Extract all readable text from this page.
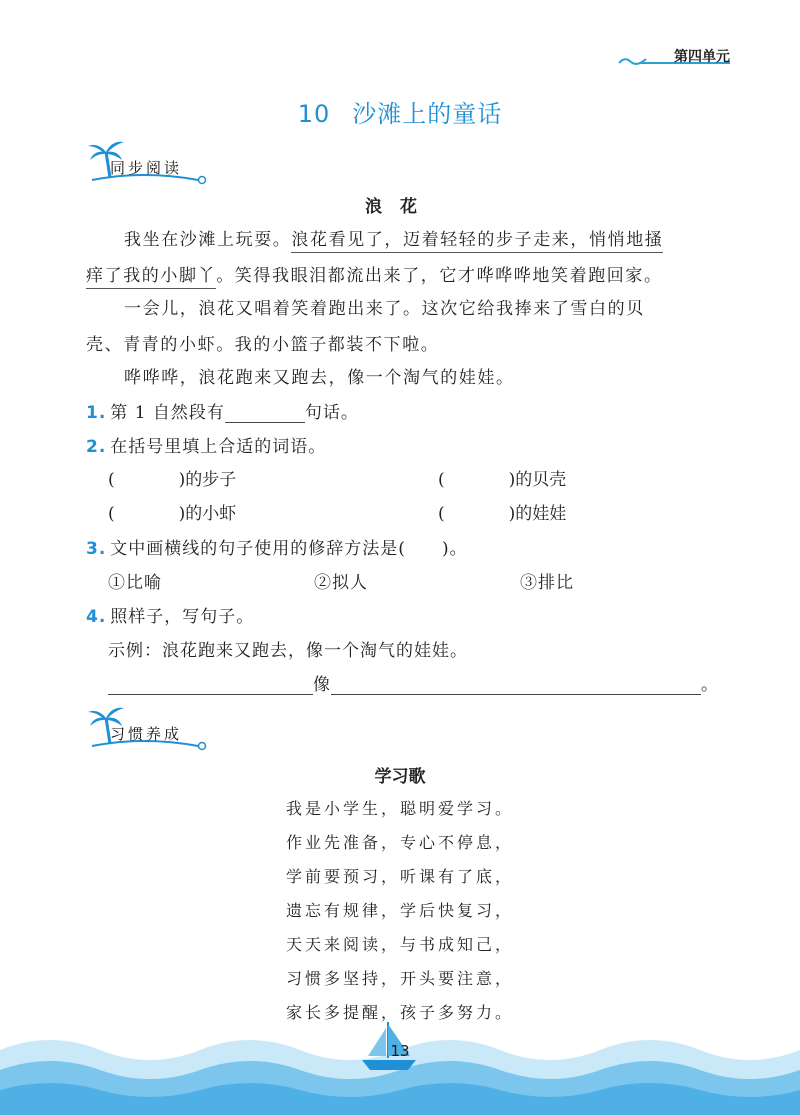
第四单元
10 沙滩上的童话
同步阅读
浪花
我坐在沙滩上玩耍。浪花看见了，迈着轻轻的步子走来，悄悄地搔
痒了我的小脚丫。笑得我眼泪都流出来了，它才哗哗哗地笑着跑回家。
一会儿，浪花又唱着笑着跑出来了。这次它给我捧来了雪白的贝
壳、青青的小虾。我的小篮子都装不下啦。
哗哗哗，浪花跑来又跑去，像一个淘气的娃娃。
1. 第 1 自然段有	句话。
2. 在括号里填上合适的词语。
(	)的步子	(	)的贝壳
(	)的小虾	(	)的娃娃
3. 文中画横线的句子使用的修辞方法是( )。
①比喻	②拟人	③排比
4. 照样子，写句子。
示例：浪花跑来又跑去，像一个淘气的娃娃。
像	。
习惯养成
学习歌
我是小学生，聪明爱学习。
作业先准备，专心不停息，
学前要预习，听课有了底，
遗忘有规律，学后快复习，
天天来阅读，与书成知己，
习惯多坚持，开头要注意，
家长多提醒，孩子多努力。
13
